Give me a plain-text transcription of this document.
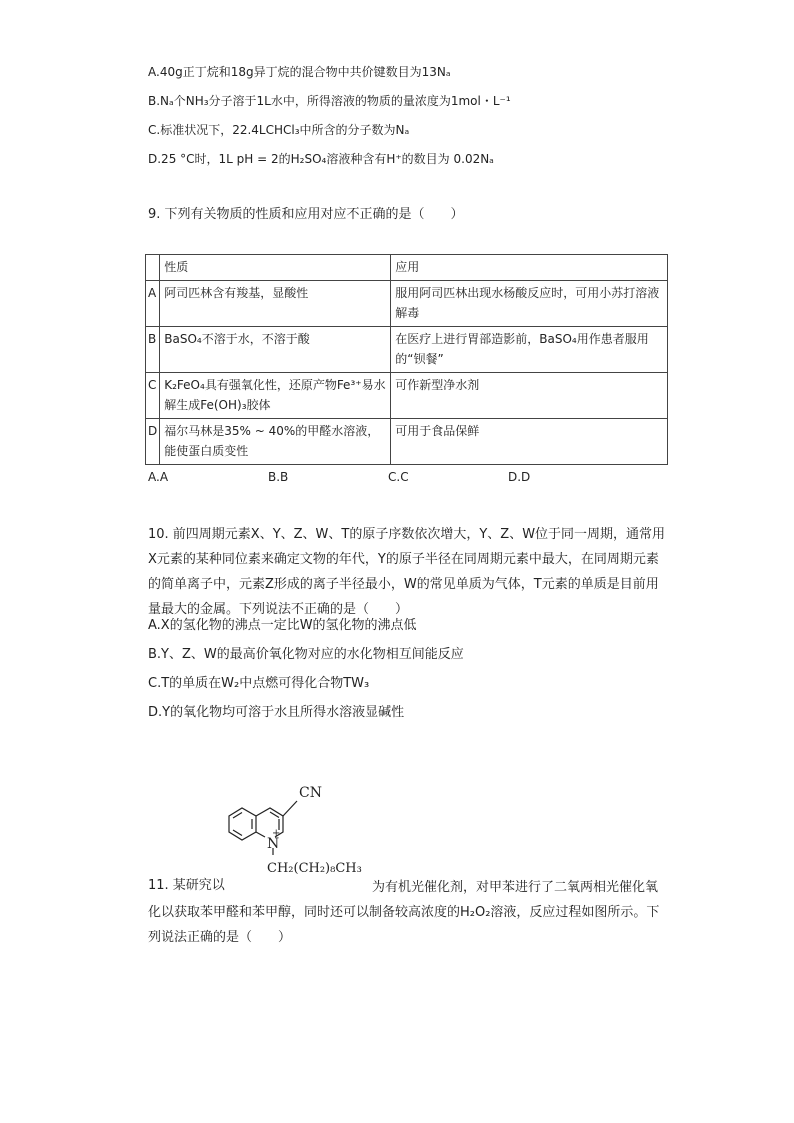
A.40g正丁烷和18g异丁烷的混合物中共价键数目为13Nₐ
B.Nₐ个NH₃分子溶于1L水中，所得溶液的物质的量浓度为1mol・L⁻¹
C.标准状况下，22.4LCHCl₃中所含的分子数为Nₐ
D.25 °C时，1L pH = 2的H₂SO₄溶液种含有H⁺的数目为 0.02Nₐ
9. 下列有关物质的性质和应用对应不正确的是（　　）
	性质	应用
A	阿司匹林含有羧基，显酸性	服用阿司匹林出现水杨酸反应时，可用小苏打溶液解毒
B	BaSO₄不溶于水，不溶于酸	在医疗上进行胃部造影前，BaSO₄用作患者服用的“钡餐”
C	K₂FeO₄具有强氧化性，还原产物Fe³⁺易水解生成Fe(OH)₃胶体	可作新型净水剂
D	福尔马林是35% ~ 40%的甲醛水溶液，能使蛋白质变性	可用于食品保鲜
A.A	B.B	C.C	D.D
10. 前四周期元素X、Y、Z、W、T的原子序数依次增大，Y、Z、W位于同一周期，通常用X元素的某种同位素来确定文物的年代，Y的原子半径在同周期元素中最大，在同周期元素的简单离子中，元素Z形成的离子半径最小，W的常见单质为气体，T元素的单质是目前用量最大的金属。下列说法不正确的是（　　）
A.X的氢化物的沸点一定比W的氢化物的沸点低
B.Y、Z、W的最高价氧化物对应的水化物相互间能反应
C.T的单质在W₂中点燃可得化合物TW₃
D.Y的氧化物均可溶于水且所得水溶液显碱性
CN
N
+
CH₂(CH₂)₈CH₃
11. 某研究以	为有机光催化剂，对甲苯进行了二氧两相光催化氧化以获取苯甲醛和苯甲醇，同时还可以制备较高浓度的H₂O₂溶液，反应过程如图所示。下列说法正确的是（　　）
